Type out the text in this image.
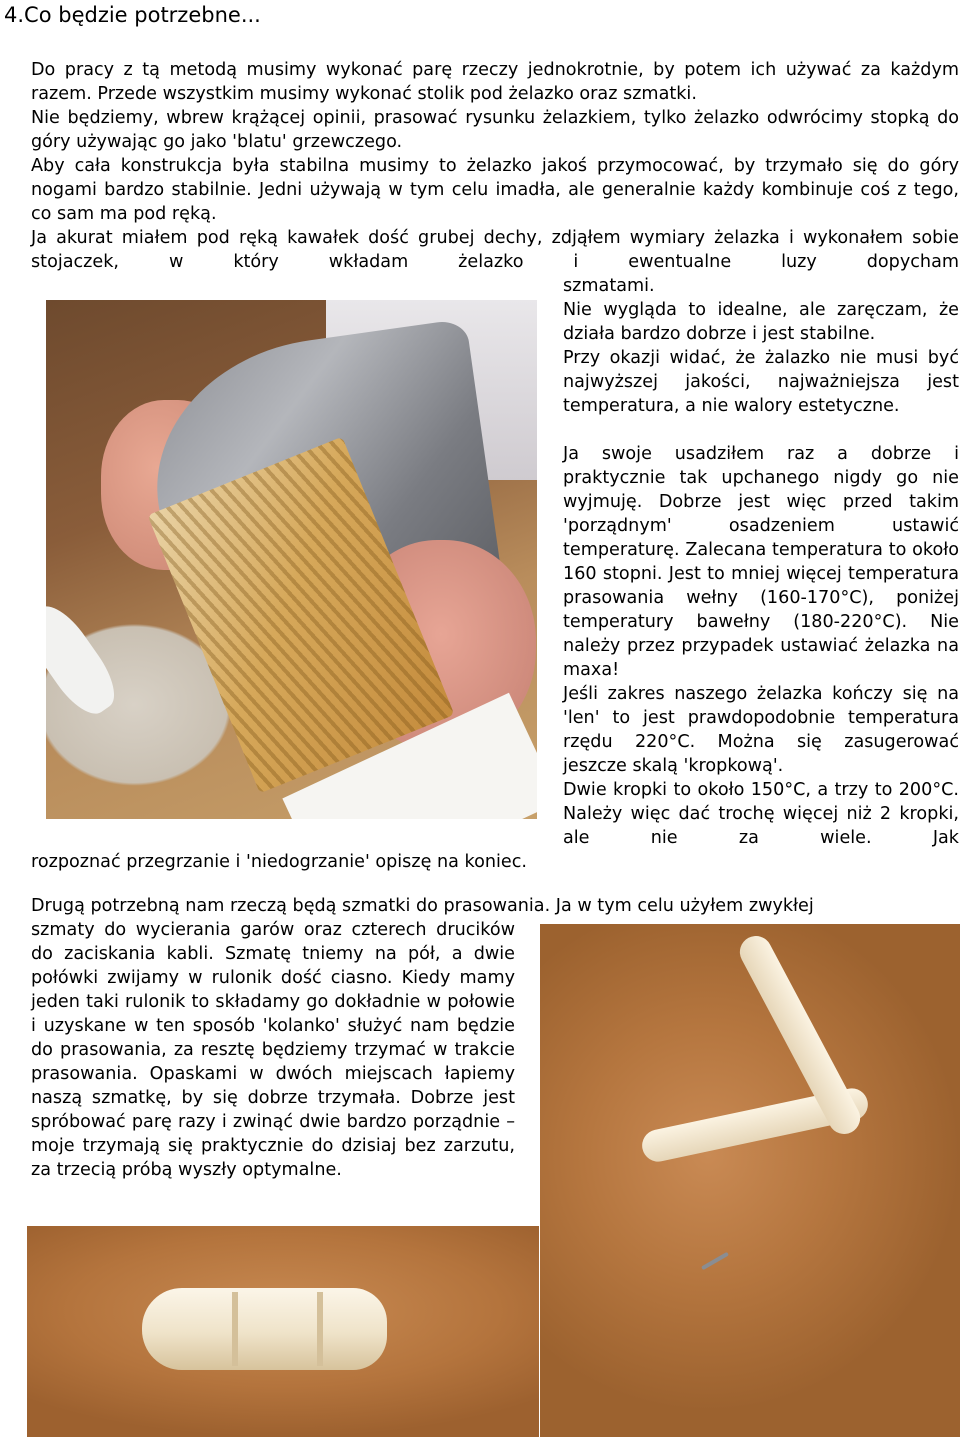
4.Co będzie potrzebne...

Do pracy z tą metodą musimy wykonać parę rzeczy jednokrotnie, by potem ich używać za każdym razem. Przede wszystkim musimy wykonać stolik pod żelazko oraz szmatki.

Nie będziemy, wbrew krążącej opinii, prasować rysunku żelazkiem, tylko żelazko odwrócimy stopką do góry używając go jako 'blatu' grzewczego.

Aby cała konstrukcja była stabilna musimy to żelazko jakoś przymocować, by trzymało się do góry nogami bardzo stabilnie. Jedni używają w tym celu imadła, ale generalnie każdy kombinuje coś z tego, co sam ma pod ręką.

Ja akurat miałem pod ręką kawałek dość grubej dechy, zdjąłem wymiary żelazka i wykonałem sobie stojaczek, w który wkładam żelazko i ewentualne luzy dopycham

szmatami.

Nie wygląda to idealne, ale zaręczam, że działa bardzo dobrze i jest stabilne.

Przy okazji widać, że żalazko nie musi być najwyższej jakości, najważniejsza jest temperatura, a nie walory estetyczne.

Ja swoje usadziłem raz a dobrze i praktycznie tak upchanego nigdy go nie wyjmuję. Dobrze jest więc przed takim 'porządnym' osadzeniem ustawić temperaturę. Zalecana temperatura to około 160 stopni. Jest to mniej więcej temperatura prasowania wełny (160-170°C), poniżej temperatury bawełny (180-220°C). Nie należy przez przypadek ustawiać żelazka na maxa!

Jeśli zakres naszego żelazka kończy się na 'len' to jest prawdopodobnie temperatura rzędu 220°C. Można się zasugerować jeszcze skalą 'kropkową'.

Dwie kropki to około 150°C, a trzy to 200°C. Należy więc dać trochę więcej niż 2 kropki, ale nie za wiele. Jak

rozpoznać przegrzanie i 'niedogrzanie' opiszę na koniec.

Drugą potrzebną nam rzeczą będą szmatki do prasowania. Ja w tym celu użyłem zwykłej

szmaty do wycierania garów oraz czterech drucików do zaciskania kabli. Szmatę tniemy na pół, a dwie połówki zwijamy w rulonik dość ciasno. Kiedy mamy jeden taki rulonik to składamy go dokładnie w połowie i uzyskane w ten sposób 'kolanko' służyć nam będzie do prasowania, za resztę będziemy trzymać w trakcie prasowania. Opaskami w dwóch miejscach łapiemy naszą szmatkę, by się dobrze trzymała. Dobrze jest spróbować parę razy i zwinąć dwie bardzo porządnie – moje trzymają się praktycznie do dzisiaj bez zarzutu, za trzecią próbą wyszły optymalne.
